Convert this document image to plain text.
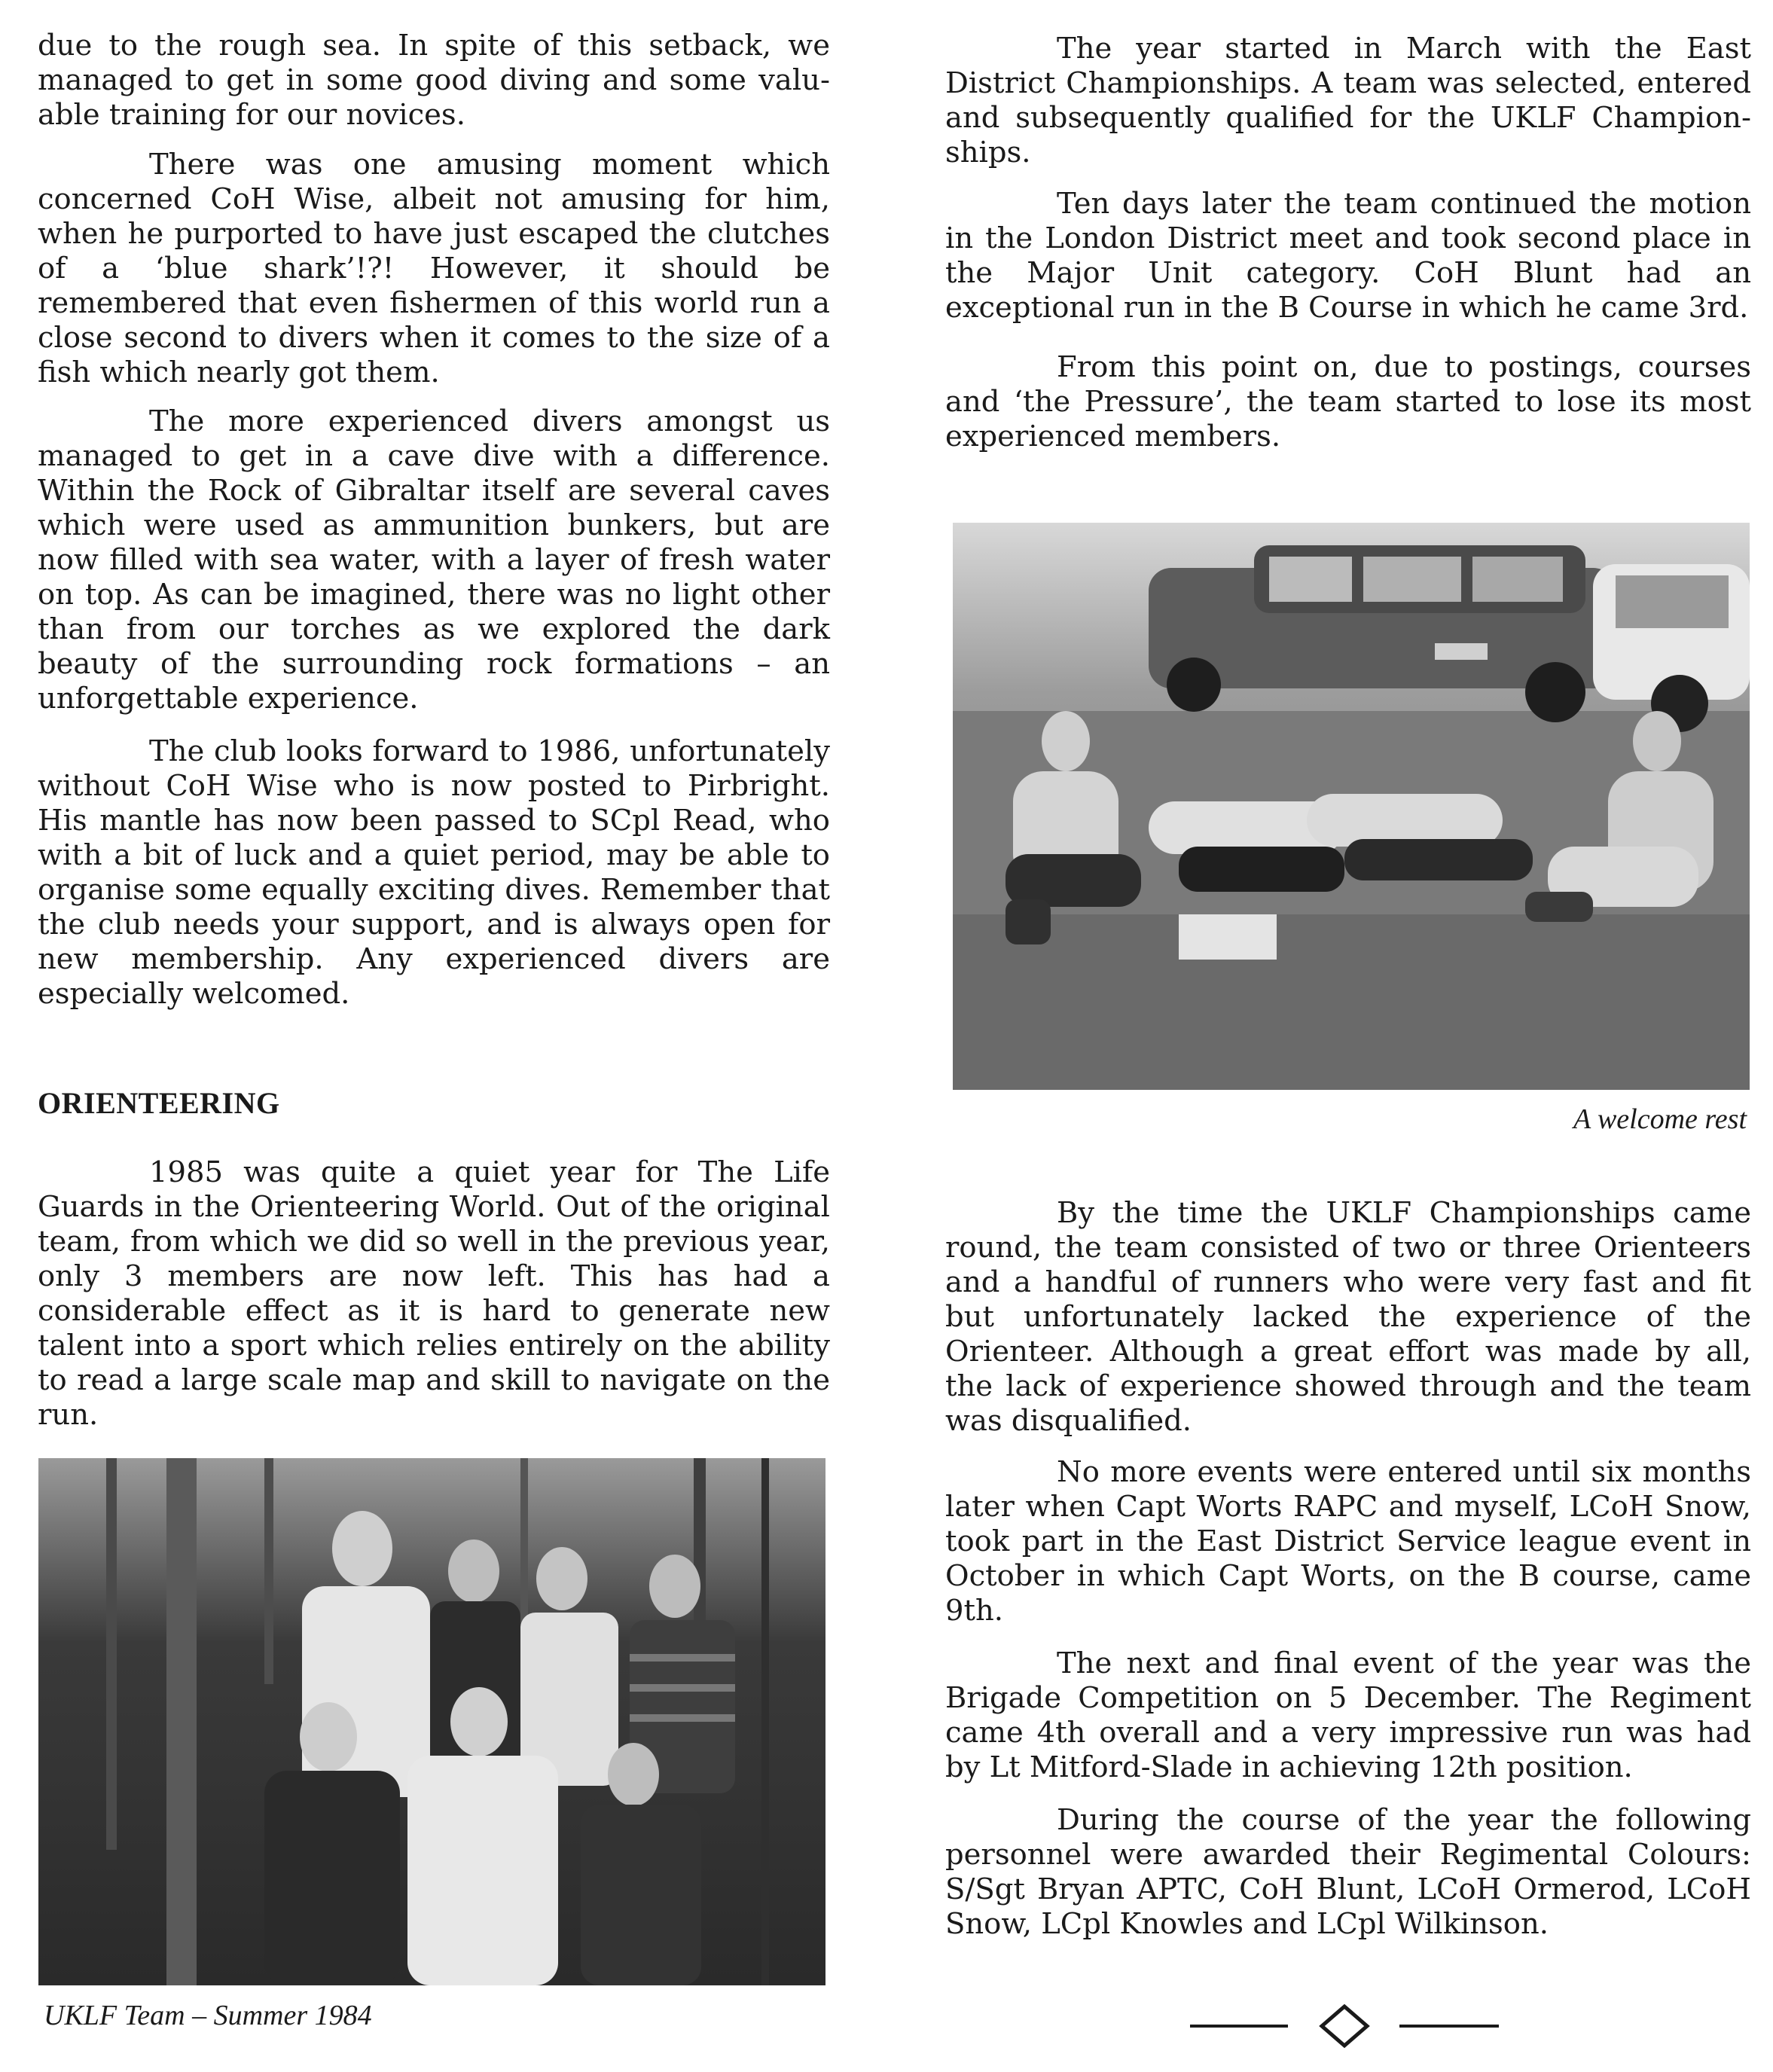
due to the rough sea. In spite of this setback, we managed to get in some good diving and some valuable training for our novices.

There was one amusing moment which concerned CoH Wise, albeit not amusing for him, when he purported to have just escaped the clutches of a ‘blue shark’!?! However, it should be remembered that even fishermen of this world run a close second to divers when it comes to the size of a fish which nearly got them.

The more experienced divers amongst us managed to get in a cave dive with a difference. Within the Rock of Gibraltar itself are several caves which were used as ammunition bunkers, but are now filled with sea water, with a layer of fresh water on top. As can be imagined, there was no light other than from our torches as we explored the dark beauty of the surrounding rock formations – an unforgettable experience.

The club looks forward to 1986, unfortunately without CoH Wise who is now posted to Pirbright. His mantle has now been passed to SCpl Read, who with a bit of luck and a quiet period, may be able to organise some equally exciting dives. Remember that the club needs your support, and is always open for new membership. Any experienced divers are especially welcomed.

ORIENTEERING

1985 was quite a quiet year for The Life Guards in the Orienteering World. Out of the original team, from which we did so well in the previous year, only 3 members are now left. This has had a considerable effect as it is hard to generate new talent into a sport which relies entirely on the ability to read a large scale map and skill to navigate on the run.

UKLF Team – Summer 1984

The year started in March with the East District Championships. A team was selected, entered and subsequently qualified for the UKLF Championships.

Ten days later the team continued the motion in the London District meet and took second place in the Major Unit category. CoH Blunt had an exceptional run in the B Course in which he came 3rd.

From this point on, due to postings, courses and ‘the Pressure’, the team started to lose its most experienced members.

A welcome rest

By the time the UKLF Championships came round, the team consisted of two or three Orienteers and a handful of runners who were very fast and fit but unfortunately lacked the experience of the Orienteer. Although a great effort was made by all, the lack of experience showed through and the team was disqualified.

No more events were entered until six months later when Capt Worts RAPC and myself, LCoH Snow, took part in the East District Service league event in October in which Capt Worts, on the B course, came 9th.

The next and final event of the year was the Brigade Competition on 5 December. The Regiment came 4th overall and a very impressive run was had by Lt Mitford-Slade in achieving 12th position.

During the course of the year the following personnel were awarded their Regimental Colours: S/Sgt Bryan APTC, CoH Blunt, LCoH Ormerod, LCoH Snow, LCpl Knowles and LCpl Wilkinson.
